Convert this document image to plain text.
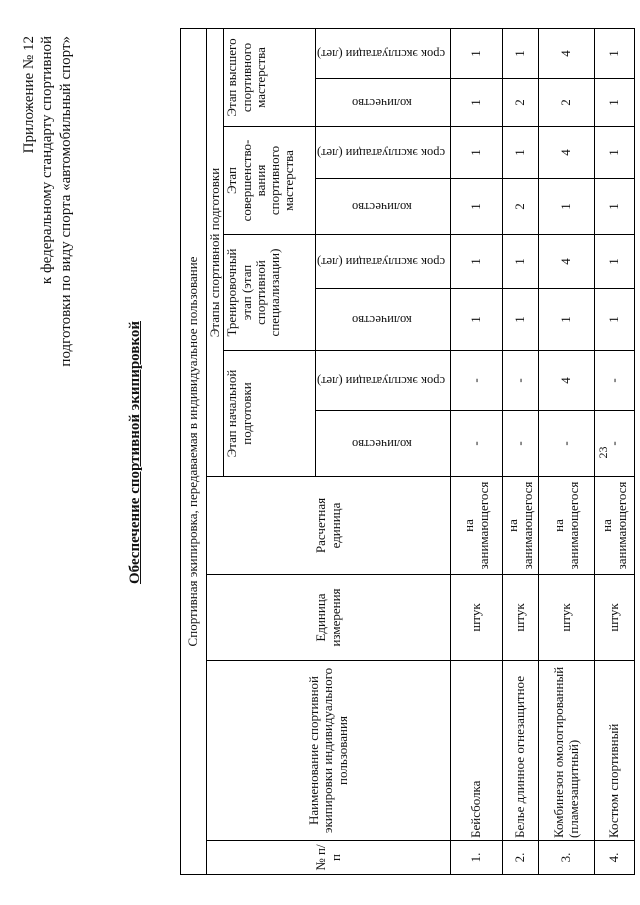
23
Приложение № 12 к федеральному стандарту спортивной подготовки по виду спорта «автомобильный спорт»
Обеспечение спортивной экипировкой	Спортивная экипировка, передаваемая в индивидуальное пользование											
№ п/п	Наименование спортивной экипировки индивидуального пользования	Единица измерения	Расчетная единица	Этапы спортивной подготовки							
				Этап начальной подготовки		Тренировочный этап (этап спортивной специализации)		Этап совершенство-вания спортивного мастерства		Этап высшего спортивного мастерства	
				количество	срок эксплуатации (лет)	количество	срок эксплуатации (лет)	количество	срок эксплуатации (лет)	количество	срок эксплуатации (лет)
1.	Бейсболка	штук	на занимающегося	-	-	1	1	1	1	1	1
2.	Белье длинное огнезащитное	штук	на занимающегося	-	-	1	1	2	1	2	1
3.	Комбинезон омологированный (пламезащитный)	штук	на занимающегося	-	4	1	4	1	4	2	4
4.	Костюм спортивный	штук	на занимающегося	-	-	1	1	1	1	1	1
